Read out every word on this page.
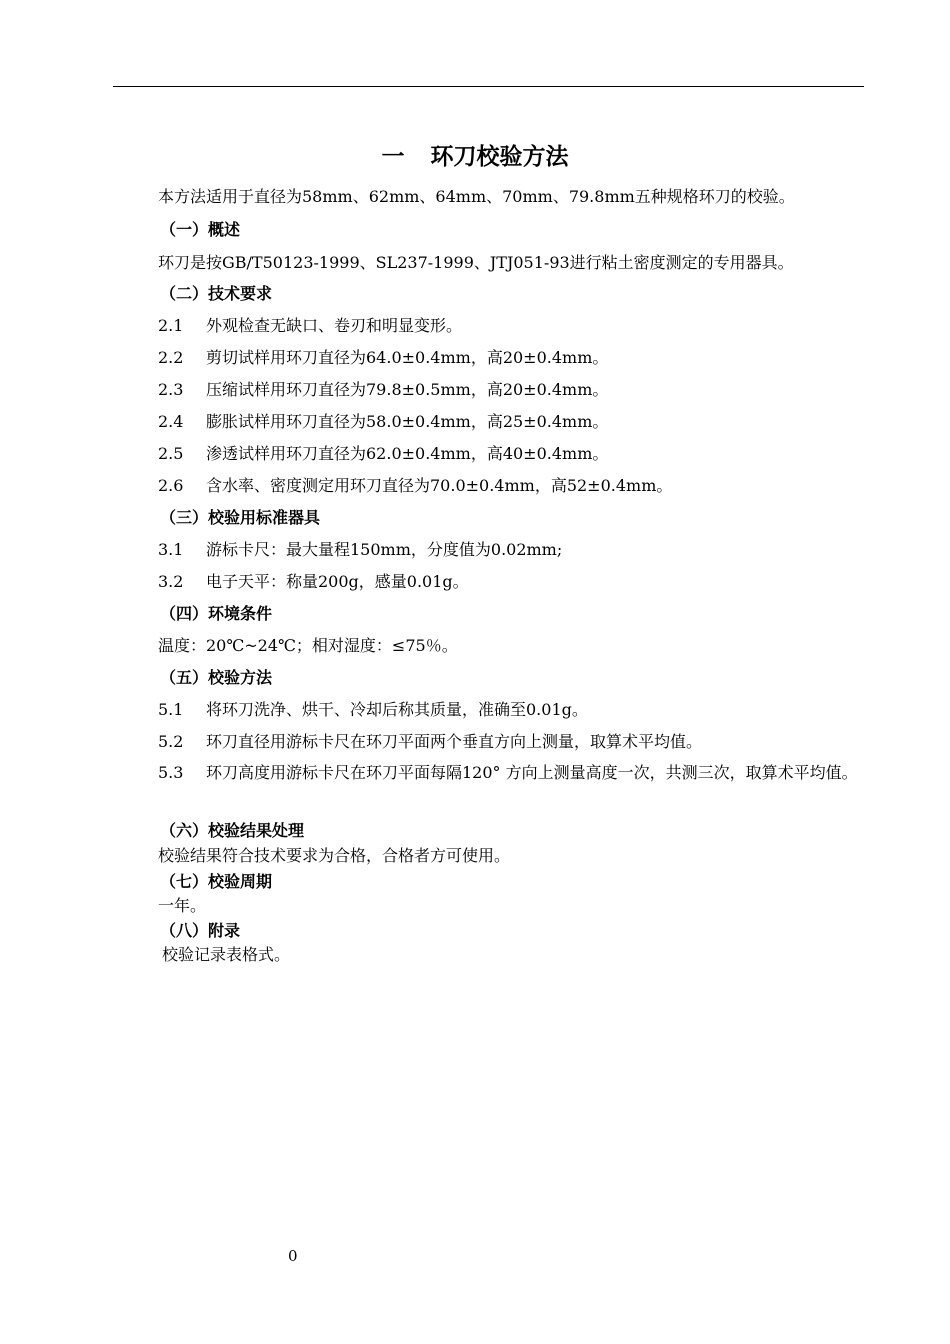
一 环刀校验方法
本方法适用于直径为58mm、62mm、64mm、70mm、79.8mm五种规格环刀的校验。
（一）概述
环刀是按GB/T50123-1999、SL237-1999、JTJ051-93进行粘土密度测定的专用器具。
（二）技术要求
2.1 外观检查无缺口、卷刃和明显变形。
2.2 剪切试样用环刀直径为64.0±0.4mm，高20±0.4mm。
2.3 压缩试样用环刀直径为79.8±0.5mm，高20±0.4mm。
2.4 膨胀试样用环刀直径为58.0±0.4mm，高25±0.4mm。
2.5 渗透试样用环刀直径为62.0±0.4mm，高40±0.4mm。
2.6 含水率、密度测定用环刀直径为70.0±0.4mm，高52±0.4mm。
（三）校验用标准器具
3.1 游标卡尺：最大量程150mm，分度值为0.02mm;
3.2 电子天平：称量200g，感量0.01g。
（四）环境条件
温度：20℃~24℃；相对湿度：≤75％。
（五）校验方法
5.1 将环刀洗净、烘干、冷却后称其质量，准确至0.01g。
5.2 环刀直径用游标卡尺在环刀平面两个垂直方向上测量，取算术平均值。
5.3 环刀高度用游标卡尺在环刀平面每隔120° 方向上测量高度一次，共测三次，取算术平均值。
（六）校验结果处理
校验结果符合技术要求为合格，合格者方可使用。
（七）校验周期
一年。
（八）附录
校验记录表格式。
0
